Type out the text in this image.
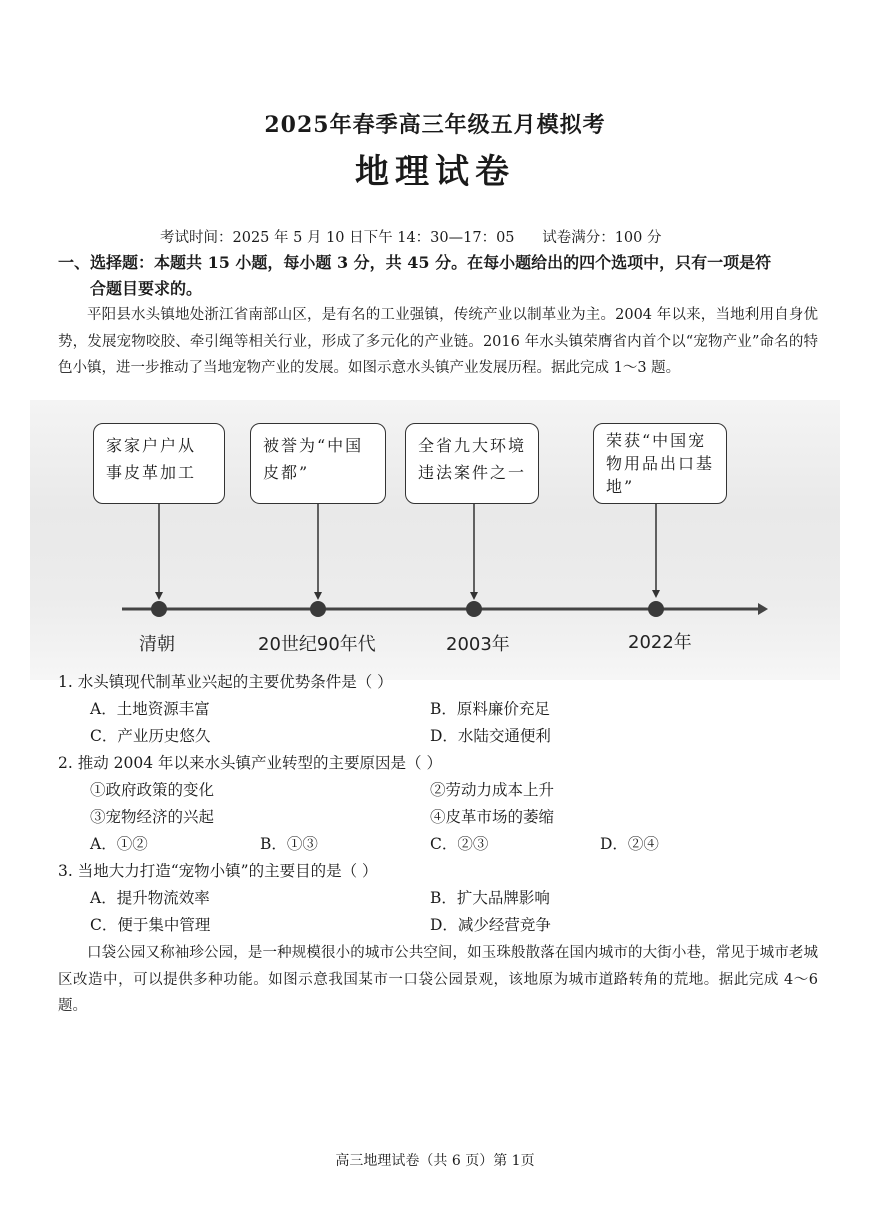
2025年春季高三年级五月模拟考
地理试卷
考试时间：2025 年 5 月 10 日下午 14：30—17：05      试卷满分：100 分
一、选择题：本题共 15 小题，每小题 3 分，共 45 分。在每小题给出的四个选项中，只有一项是符
合题目要求的。
平阳县水头镇地处浙江省南部山区，是有名的工业强镇，传统产业以制革业为主。2004 年以来，当地利用自身优势，发展宠物咬胶、牵引绳等相关行业，形成了多元化的产业链。2016 年水头镇荣膺省内首个以“宠物产业”命名的特色小镇，进一步推动了当地宠物产业的发展。如图示意水头镇产业发展历程。据此完成 1～3 题。
家家户户从事皮革加工
被誉为“中国皮都”
全省九大环境违法案件之一
荣获“中国宠物用品出口基地”
清朝	20世纪90年代	2003年	2022年
1. 水头镇现代制革业兴起的主要优势条件是（ ）
A．土地资源丰富	B．原料廉价充足
C．产业历史悠久	D．水陆交通便利
2. 推动 2004 年以来水头镇产业转型的主要原因是（ ）
①政府政策的变化	②劳动力成本上升
③宠物经济的兴起	④皮革市场的萎缩
A．①②	B．①③	C．②③	D．②④
3. 当地大力打造“宠物小镇”的主要目的是（ ）
A．提升物流效率	B．扩大品牌影响
C．便于集中管理	D．减少经营竞争
口袋公园又称袖珍公园，是一种规模很小的城市公共空间，如玉珠般散落在国内城市的大街小巷，常见于城市老城区改造中，可以提供多种功能。如图示意我国某市一口袋公园景观，该地原为城市道路转角的荒地。据此完成 4～6 题。
高三地理试卷（共 6 页）第 1页
